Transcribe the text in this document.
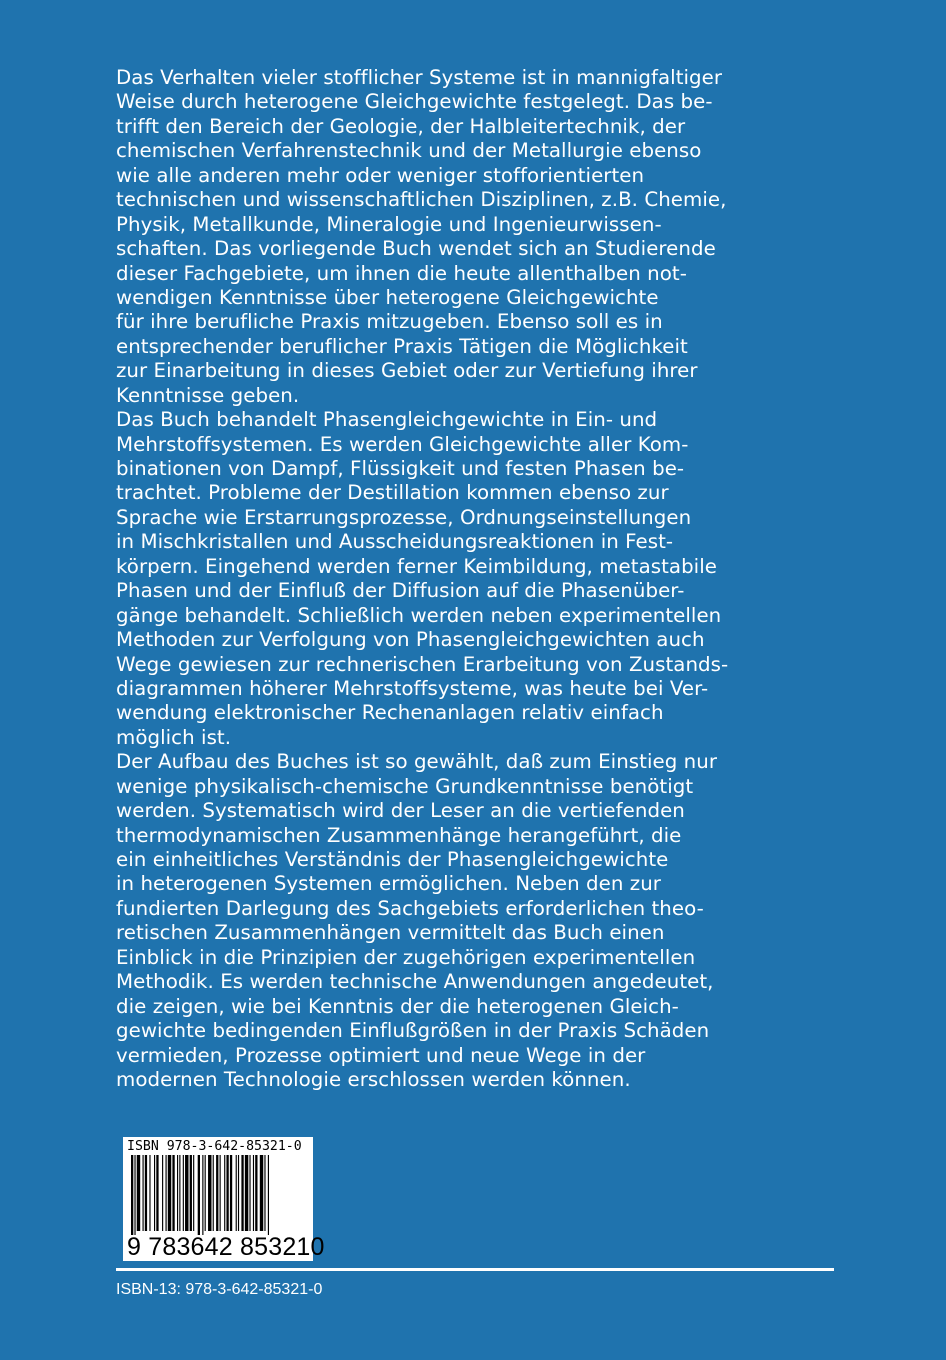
Das Verhalten vieler stofflicher Systeme ist in mannigfaltiger
Weise durch heterogene Gleichgewichte festgelegt. Das be-
trifft den Bereich der Geologie, der Halbleitertechnik, der
chemischen Verfahrenstechnik und der Metallurgie ebenso
wie alle anderen mehr oder weniger stofforientierten
technischen und wissenschaftlichen Disziplinen, z.B. Chemie,
Physik, Metallkunde, Mineralogie und Ingenieurwissen-
schaften. Das vorliegende Buch wendet sich an Studierende
dieser Fachgebiete, um ihnen die heute allenthalben not-
wendigen Kenntnisse über heterogene Gleichgewichte
für ihre berufliche Praxis mitzugeben. Ebenso soll es in
entsprechender beruflicher Praxis Tätigen die Möglichkeit
zur Einarbeitung in dieses Gebiet oder zur Vertiefung ihrer
Kenntnisse geben.
Das Buch behandelt Phasengleichgewichte in Ein- und
Mehrstoffsystemen. Es werden Gleichgewichte aller Kom-
binationen von Dampf, Flüssigkeit und festen Phasen be-
trachtet. Probleme der Destillation kommen ebenso zur
Sprache wie Erstarrungsprozesse, Ordnungseinstellungen
in Mischkristallen und Ausscheidungsreaktionen in Fest-
körpern. Eingehend werden ferner Keimbildung, metastabile
Phasen und der Einfluß der Diffusion auf die Phasenüber-
gänge behandelt. Schließlich werden neben experimentellen
Methoden zur Verfolgung von Phasengleichgewichten auch
Wege gewiesen zur rechnerischen Erarbeitung von Zustands-
diagrammen höherer Mehrstoffsysteme, was heute bei Ver-
wendung elektronischer Rechenanlagen relativ einfach
möglich ist.
Der Aufbau des Buches ist so gewählt, daß zum Einstieg nur
wenige physikalisch-chemische Grundkenntnisse benötigt
werden. Systematisch wird der Leser an die vertiefenden
thermodynamischen Zusammenhänge herangeführt, die
ein einheitliches Verständnis der Phasengleichgewichte
in heterogenen Systemen ermöglichen. Neben den zur
fundierten Darlegung des Sachgebiets erforderlichen theo-
retischen Zusammenhängen vermittelt das Buch einen
Einblick in die Prinzipien der zugehörigen experimentellen
Methodik. Es werden technische Anwendungen angedeutet,
die zeigen, wie bei Kenntnis der die heterogenen Gleich-
gewichte bedingenden Einflußgrößen in der Praxis Schäden
vermieden, Prozesse optimiert und neue Wege in der
modernen Technologie erschlossen werden können.
ISBN 978-3-642-85321-0
9 783642 853210
ISBN-13: 978-3-642-85321-0
